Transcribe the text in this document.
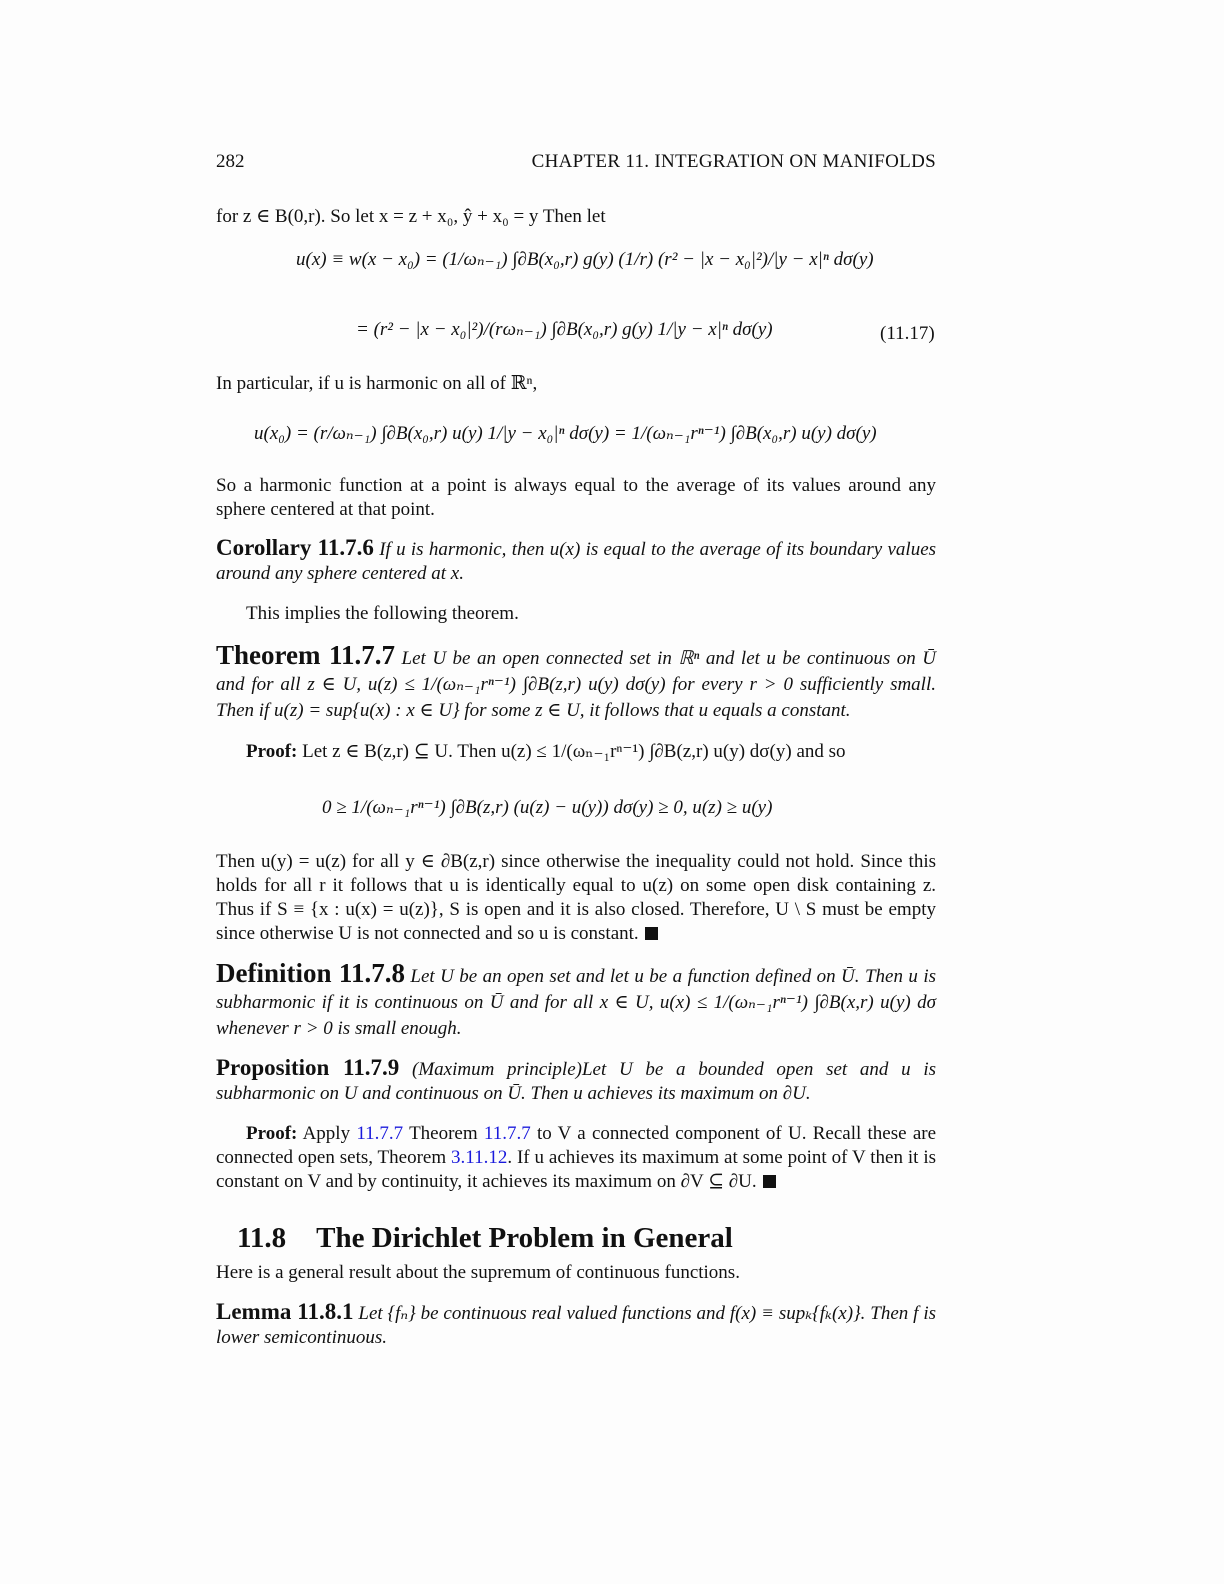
282	CHAPTER 11. INTEGRATION ON MANIFOLDS
for z ∈ B(0,r). So let x = z + x₀, ŷ + x₀ = y Then let
u(x) ≡ w(x − x₀) = (1/ωₙ₋₁) ∫∂B(x₀,r) g(y) (1/r) (r² − |x − x₀|²)/|y − x|ⁿ dσ(y)
= (r² − |x − x₀|²)/(rωₙ₋₁) ∫∂B(x₀,r) g(y) 1/|y − x|ⁿ dσ(y)	(11.17)
In particular, if u is harmonic on all of ℝⁿ,
u(x₀) = (r/ωₙ₋₁) ∫∂B(x₀,r) u(y) 1/|y − x₀|ⁿ dσ(y) = 1/(ωₙ₋₁rⁿ⁻¹) ∫∂B(x₀,r) u(y) dσ(y)
So a harmonic function at a point is always equal to the average of its values around any sphere centered at that point.
Corollary 11.7.6 If u is harmonic, then u(x) is equal to the average of its boundary values around any sphere centered at x.
This implies the following theorem.
Theorem 11.7.7 Let U be an open connected set in ℝⁿ and let u be continuous on Ū and for all z ∈ U, u(z) ≤ 1/(ωₙ₋₁rⁿ⁻¹) ∫∂B(z,r) u(y) dσ(y) for every r > 0 sufficiently small. Then if u(z) = sup{u(x) : x ∈ U} for some z ∈ U, it follows that u equals a constant.
Proof: Let z ∈ B(z,r) ⊆ U. Then u(z) ≤ 1/(ωₙ₋₁rⁿ⁻¹) ∫∂B(z,r) u(y) dσ(y) and so
0 ≥ 1/(ωₙ₋₁rⁿ⁻¹) ∫∂B(z,r) (u(z) − u(y)) dσ(y) ≥ 0, u(z) ≥ u(y)
Then u(y) = u(z) for all y ∈ ∂B(z,r) since otherwise the inequality could not hold. Since this holds for all r it follows that u is identically equal to u(z) on some open disk containing z. Thus if S ≡ {x : u(x) = u(z)}, S is open and it is also closed. Therefore, U \ S must be empty since otherwise U is not connected and so u is constant.
Definition 11.7.8 Let U be an open set and let u be a function defined on Ū. Then u is subharmonic if it is continuous on Ū and for all x ∈ U, u(x) ≤ 1/(ωₙ₋₁rⁿ⁻¹) ∫∂B(x,r) u(y) dσ whenever r > 0 is small enough.
Proposition 11.7.9 (Maximum principle)Let U be a bounded open set and u is subharmonic on U and continuous on Ū. Then u achieves its maximum on ∂U.
Proof: Apply 11.7.7 Theorem 11.7.7 to V a connected component of U. Recall these are connected open sets, Theorem 3.11.12. If u achieves its maximum at some point of V then it is constant on V and by continuity, it achieves its maximum on ∂V ⊆ ∂U.
11.8 The Dirichlet Problem in General
Here is a general result about the supremum of continuous functions.
Lemma 11.8.1 Let {fₙ} be continuous real valued functions and f(x) ≡ supₖ{fₖ(x)}. Then f is lower semicontinuous.
